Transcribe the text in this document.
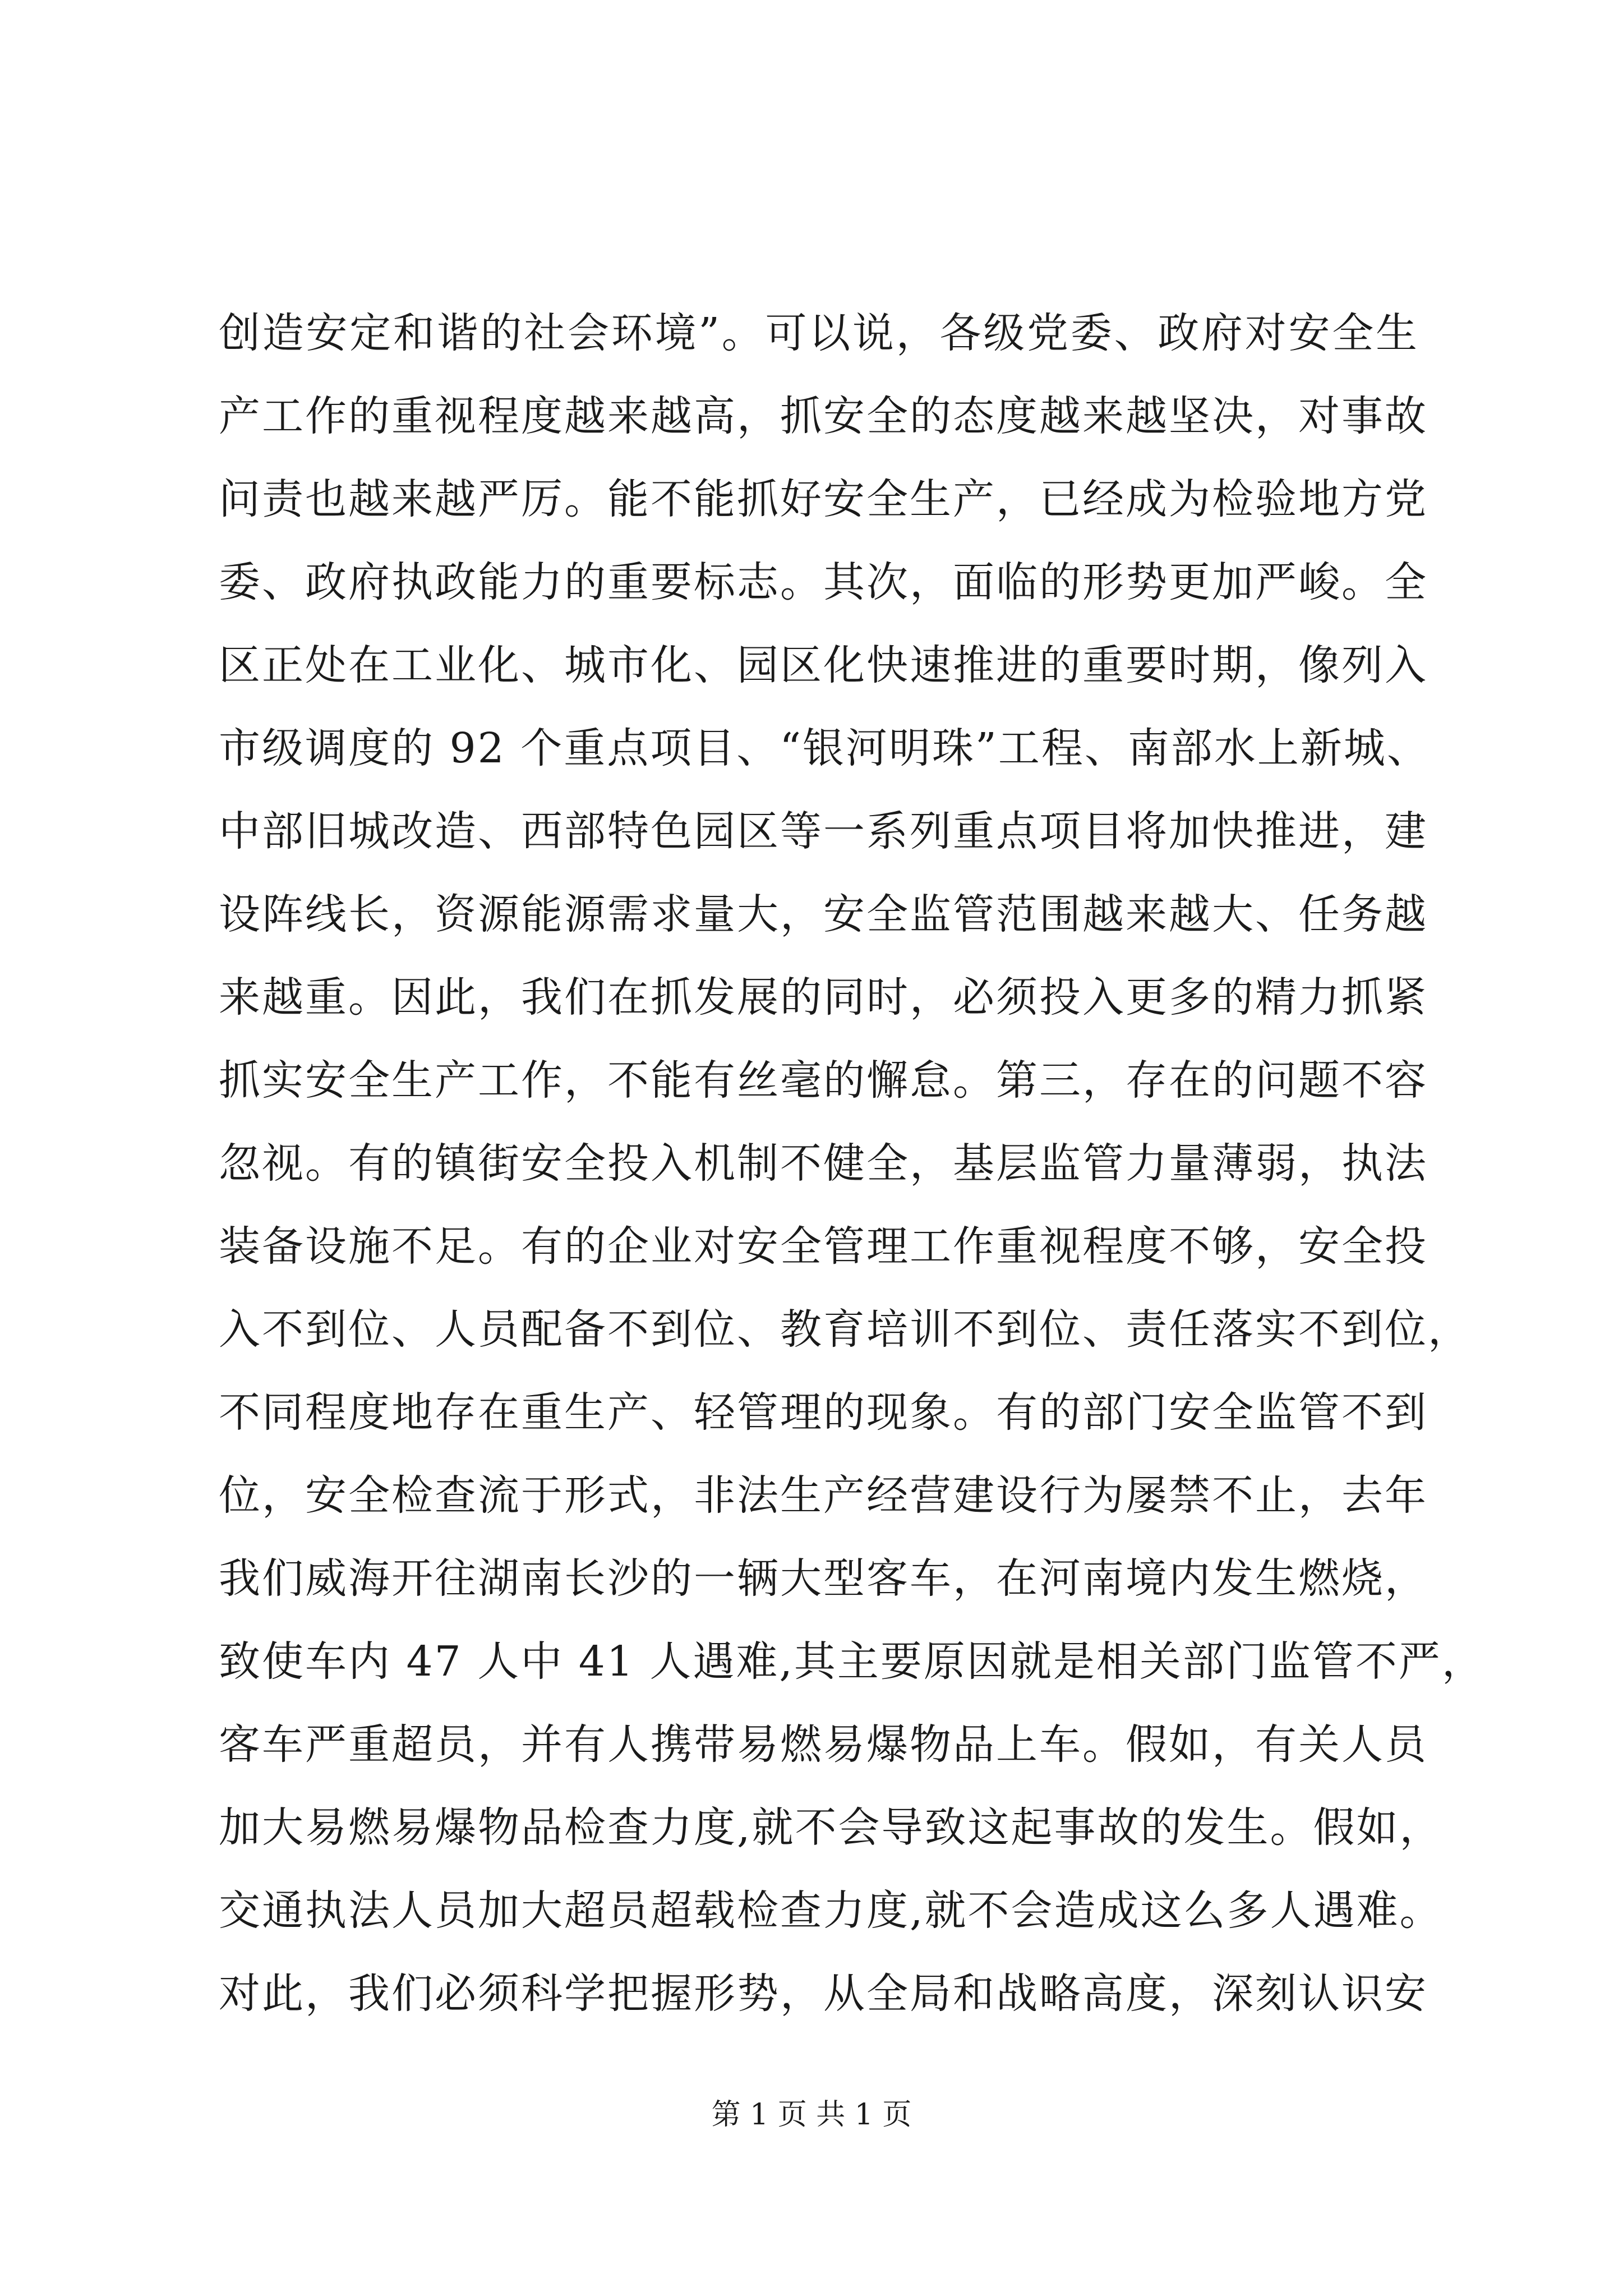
创造安定和谐的社会环境”。可以说，各级党委、政府对安全生
产工作的重视程度越来越高，抓安全的态度越来越坚决，对事故
问责也越来越严厉。能不能抓好安全生产，已经成为检验地方党
委、政府执政能力的重要标志。其次，面临的形势更加严峻。全
区正处在工业化、城市化、园区化快速推进的重要时期，像列入
市级调度的 92 个重点项目、“银河明珠”工程、南部水上新城、
中部旧城改造、西部特色园区等一系列重点项目将加快推进，建
设阵线长，资源能源需求量大，安全监管范围越来越大、任务越
来越重。因此，我们在抓发展的同时，必须投入更多的精力抓紧
抓实安全生产工作，不能有丝毫的懈怠。第三，存在的问题不容
忽视。有的镇街安全投入机制不健全，基层监管力量薄弱，执法
装备设施不足。有的企业对安全管理工作重视程度不够，安全投
入不到位、人员配备不到位、教育培训不到位、责任落实不到位，
不同程度地存在重生产、轻管理的现象。有的部门安全监管不到
位，安全检查流于形式，非法生产经营建设行为屡禁不止，去年
我们威海开往湖南长沙的一辆大型客车，在河南境内发生燃烧，
致使车内 47 人中 41 人遇难,其主要原因就是相关部门监管不严，
客车严重超员，并有人携带易燃易爆物品上车。假如，有关人员
加大易燃易爆物品检查力度,就不会导致这起事故的发生。假如，
交通执法人员加大超员超载检查力度,就不会造成这么多人遇难。
对此，我们必须科学把握形势，从全局和战略高度，深刻认识安
第 1 页 共 1 页
